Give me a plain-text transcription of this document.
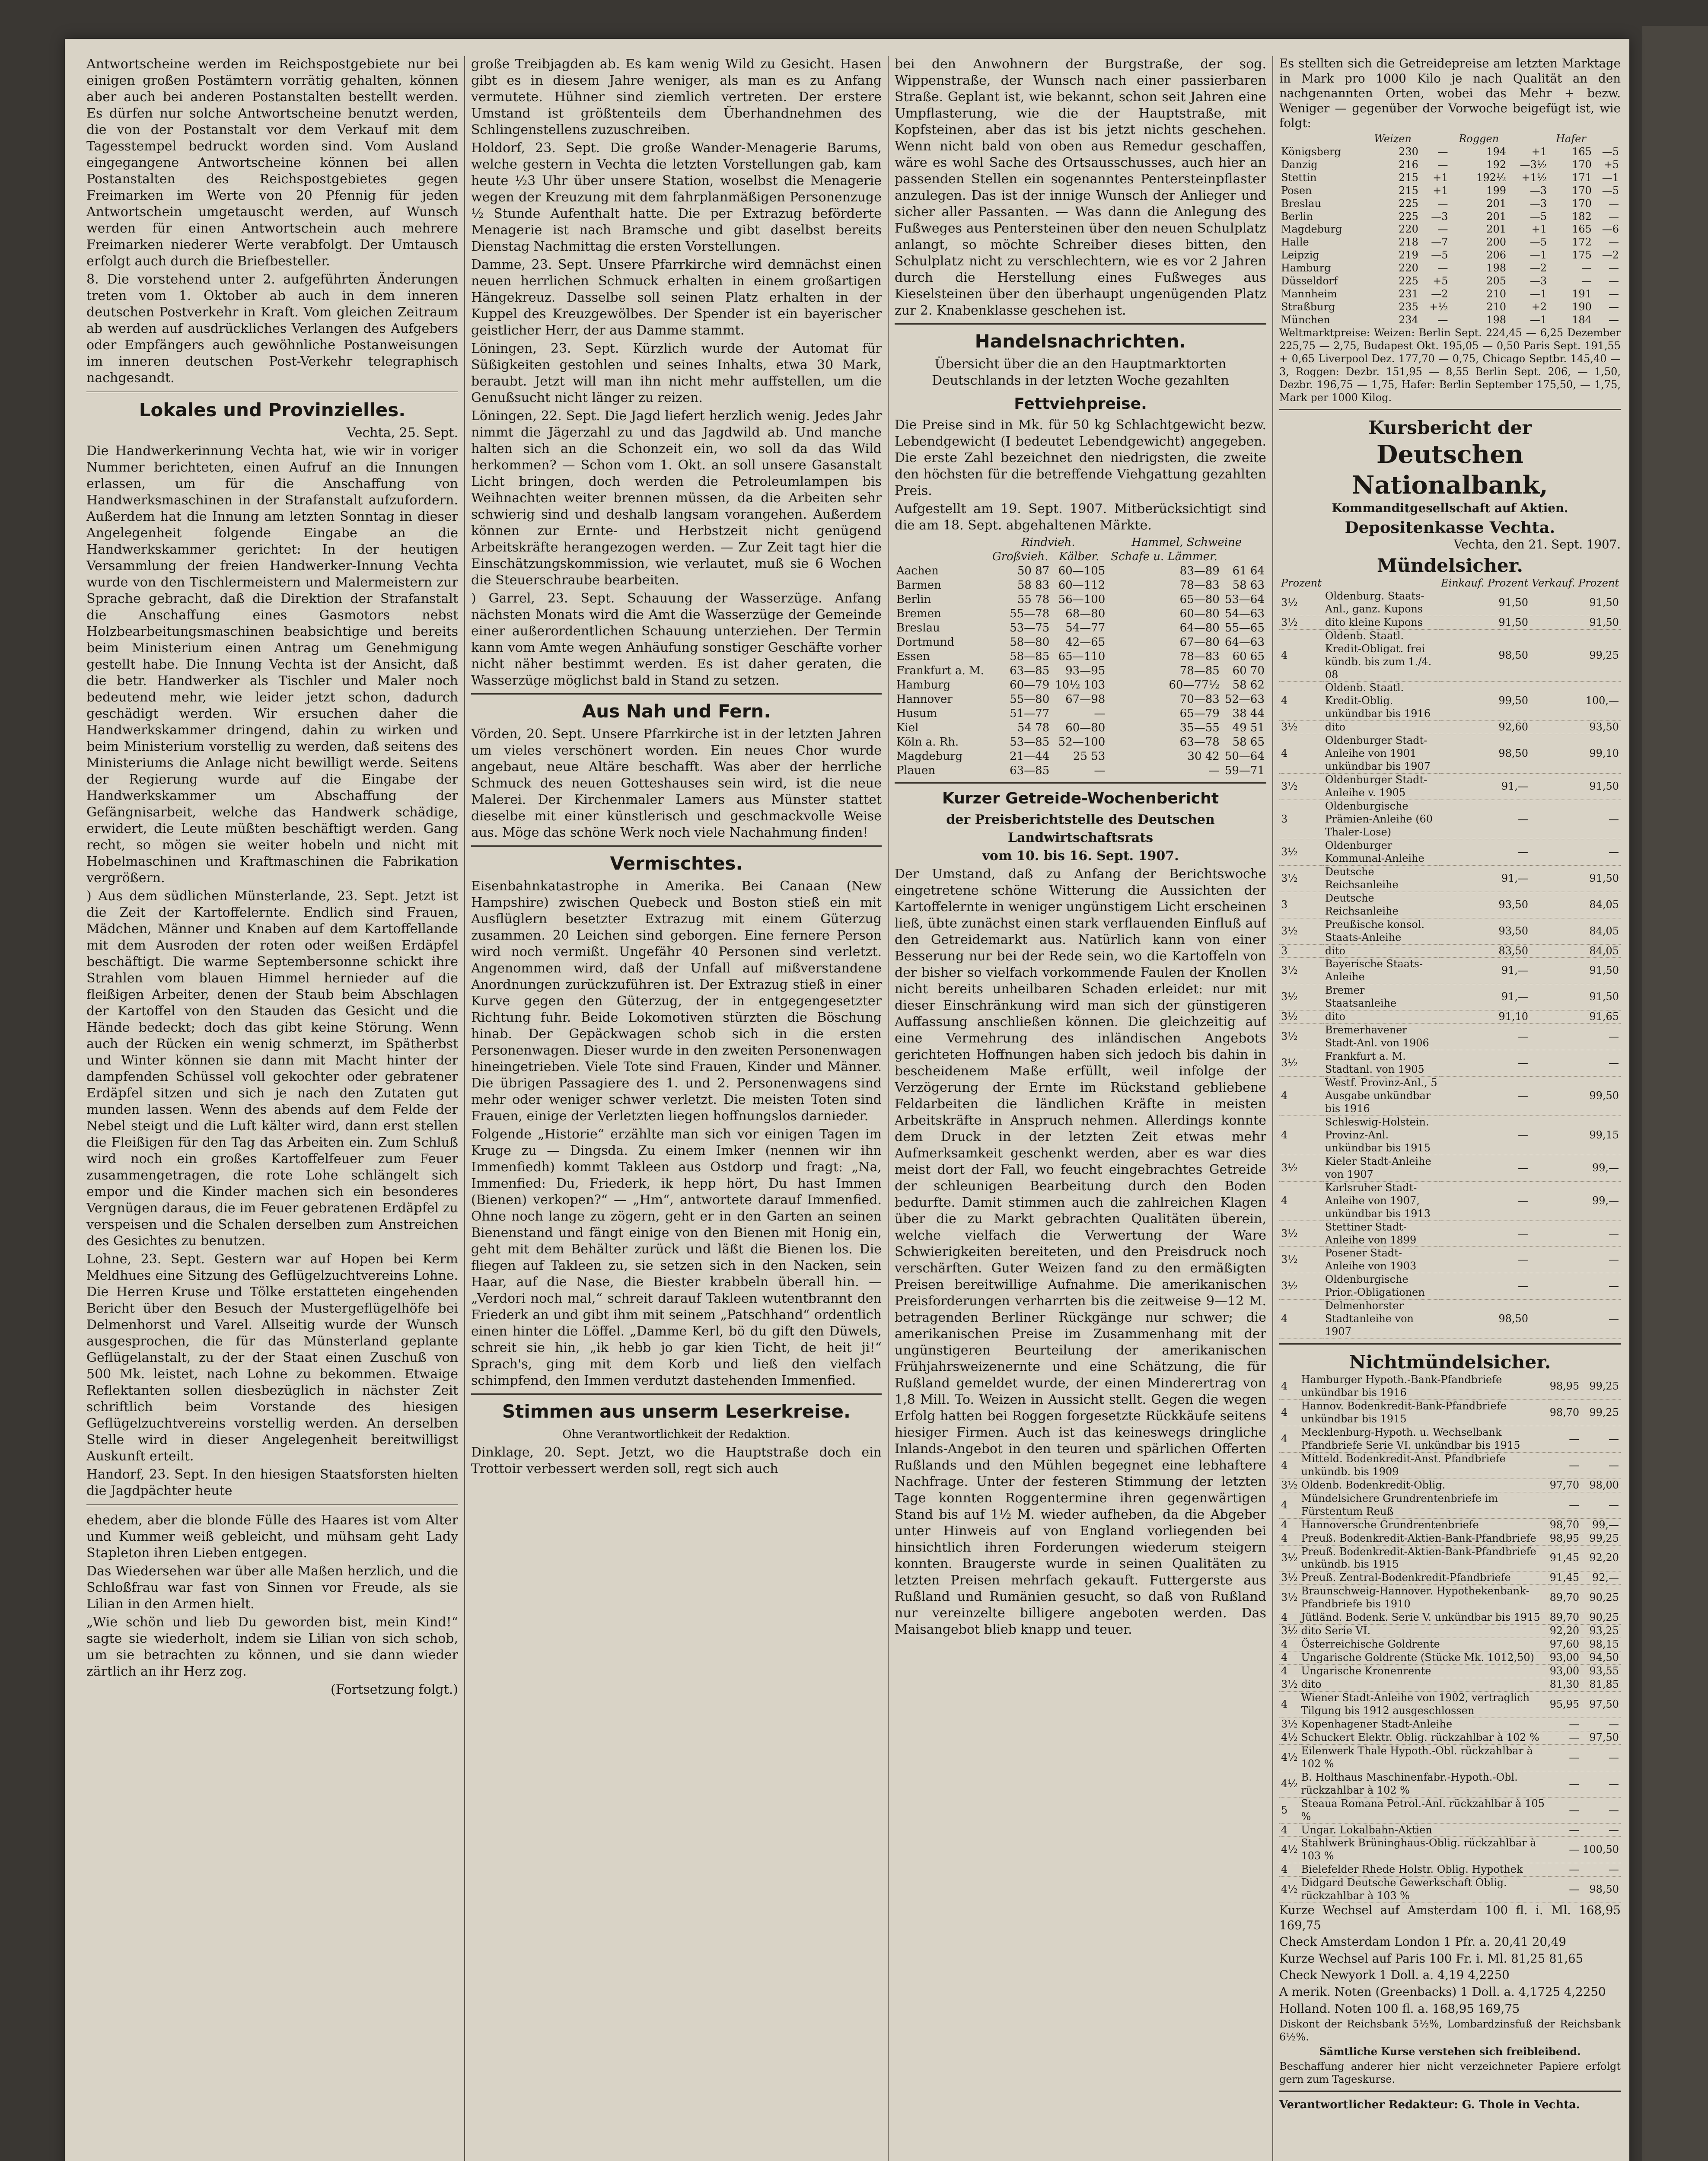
Antwortscheine werden im Reichspostgebiete nur bei einigen großen Postämtern vorrätig gehalten, können aber auch bei anderen Postanstalten bestellt werden. Es dürfen nur solche Antwortscheine benutzt werden, die von der Postanstalt vor dem Verkauf mit dem Tagesstempel bedruckt worden sind. Vom Ausland eingegangene Antwortscheine können bei allen Postanstalten des Reichspostgebietes gegen Freimarken im Werte von 20 Pfennig für jeden Antwortschein umgetauscht werden, auf Wunsch werden für einen Antwortschein auch mehrere Freimarken niederer Werte verabfolgt. Der Umtausch erfolgt auch durch die Briefbesteller.

8. Die vorstehend unter 2. aufgeführten Änderungen treten vom 1. Oktober ab auch in dem inneren deutschen Postverkehr in Kraft. Vom gleichen Zeitraum ab werden auf ausdrückliches Verlangen des Aufgebers oder Empfängers auch gewöhnliche Postanweisungen im inneren deutschen Post-Verkehr telegraphisch nachgesandt.

Lokales und Provinzielles.

Vechta, 25. Sept.

Die Handwerkerinnung Vechta hat, wie wir in voriger Nummer berichteten, einen Aufruf an die Innungen erlassen, um für die Anschaffung von Handwerksmaschinen in der Strafanstalt aufzufordern. Außerdem hat die Innung am letzten Sonntag in dieser Angelegenheit folgende Eingabe an die Handwerkskammer gerichtet: In der heutigen Versammlung der freien Handwerker-Innung Vechta wurde von den Tischlermeistern und Malermeistern zur Sprache gebracht, daß die Direktion der Strafanstalt die Anschaffung eines Gasmotors nebst Holzbearbeitungsmaschinen beabsichtige und bereits beim Ministerium einen Antrag um Genehmigung gestellt habe. Die Innung Vechta ist der Ansicht, daß die betr. Handwerker als Tischler und Maler noch bedeutend mehr, wie leider jetzt schon, dadurch geschädigt werden. Wir ersuchen daher die Handwerkskammer dringend, dahin zu wirken und beim Ministerium vorstellig zu werden, daß seitens des Ministeriums die Anlage nicht bewilligt werde. Seitens der Regierung wurde auf die Eingabe der Handwerkskammer um Abschaffung der Gefängnisarbeit, welche das Handwerk schädige, erwidert, die Leute müßten beschäftigt werden. Gang recht, so mögen sie weiter hobeln und nicht mit Hobelmaschinen und Kraftmaschinen die Fabrikation vergrößern.

) Aus dem südlichen Münsterlande, 23. Sept. Jetzt ist die Zeit der Kartoffelernte. Endlich sind Frauen, Mädchen, Männer und Knaben auf dem Kartoffellande mit dem Ausroden der roten oder weißen Erdäpfel beschäftigt. Die warme Septembersonne schickt ihre Strahlen vom blauen Himmel hernieder auf die fleißigen Arbeiter, denen der Staub beim Abschlagen der Kartoffel von den Stauden das Gesicht und die Hände bedeckt; doch das gibt keine Störung. Wenn auch der Rücken ein wenig schmerzt, im Spätherbst und Winter können sie dann mit Macht hinter der dampfenden Schüssel voll gekochter oder gebratener Erdäpfel sitzen und sich je nach den Zutaten gut munden lassen. Wenn des abends auf dem Felde der Nebel steigt und die Luft kälter wird, dann erst stellen die Fleißigen für den Tag das Arbeiten ein. Zum Schluß wird noch ein großes Kartoffelfeuer zum Feuer zusammengetragen, die rote Lohe schlängelt sich empor und die Kinder machen sich ein besonderes Vergnügen daraus, die im Feuer gebratenen Erdäpfel zu verspeisen und die Schalen derselben zum Anstreichen des Gesichtes zu benutzen.

Lohne, 23. Sept. Gestern war auf Hopen bei Kerm Meldhues eine Sitzung des Geflügelzuchtvereins Lohne. Die Herren Kruse und Tölke erstatteten eingehenden Bericht über den Besuch der Mustergeflügelhöfe bei Delmenhorst und Varel. Allseitig wurde der Wunsch ausgesprochen, die für das Münsterland geplante Geflügelanstalt, zu der der Staat einen Zuschuß von 500 Mk. leistet, nach Lohne zu bekommen. Etwaige Reflektanten sollen diesbezüglich in nächster Zeit schriftlich beim Vorstande des hiesigen Geflügelzuchtvereins vorstellig werden. An derselben Stelle wird in dieser Angelegenheit bereitwilligst Auskunft erteilt.

Handorf, 23. Sept. In den hiesigen Staatsforsten hielten die Jagdpächter heute

ehedem, aber die blonde Fülle des Haares ist vom Alter und Kummer weiß gebleicht, und mühsam geht Lady Stapleton ihren Lieben entgegen.

Das Wiedersehen war über alle Maßen herzlich, und die Schloßfrau war fast von Sinnen vor Freude, als sie Lilian in den Armen hielt.

„Wie schön und lieb Du geworden bist, mein Kind!“ sagte sie wiederholt, indem sie Lilian von sich schob, um sie betrachten zu können, und sie dann wieder zärtlich an ihr Herz zog.

(Fortsetzung folgt.)

große Treibjagden ab. Es kam wenig Wild zu Gesicht. Hasen gibt es in diesem Jahre weniger, als man es zu Anfang vermutete. Hühner sind ziemlich vertreten. Der erstere Umstand ist größtenteils dem Überhandnehmen des Schlingenstellens zuzuschreiben.

Holdorf, 23. Sept. Die große Wander-Menagerie Barums, welche gestern in Vechta die letzten Vorstellungen gab, kam heute ½3 Uhr über unsere Station, woselbst die Menagerie wegen der Kreuzung mit dem fahrplanmäßigen Personenzuge ½ Stunde Aufenthalt hatte. Die per Extrazug beförderte Menagerie ist nach Bramsche und gibt daselbst bereits Dienstag Nachmittag die ersten Vorstellungen.

Damme, 23. Sept. Unsere Pfarrkirche wird demnächst einen neuen herrlichen Schmuck erhalten in einem großartigen Hängekreuz. Dasselbe soll seinen Platz erhalten in der Kuppel des Kreuzgewölbes. Der Spender ist ein bayerischer geistlicher Herr, der aus Damme stammt.

Löningen, 23. Sept. Kürzlich wurde der Automat für Süßigkeiten gestohlen und seines Inhalts, etwa 30 Mark, beraubt. Jetzt will man ihn nicht mehr auffstellen, um die Genußsucht nicht länger zu reizen.

Löningen, 22. Sept. Die Jagd liefert herzlich wenig. Jedes Jahr nimmt die Jägerzahl zu und das Jagdwild ab. Und manche halten sich an die Schonzeit ein, wo soll da das Wild herkommen? — Schon vom 1. Okt. an soll unsere Gasanstalt Licht bringen, doch werden die Petroleumlampen bis Weihnachten weiter brennen müssen, da die Arbeiten sehr schwierig sind und deshalb langsam vorangehen. Außerdem können zur Ernte- und Herbstzeit nicht genügend Arbeitskräfte herangezogen werden. — Zur Zeit tagt hier die Einschätzungskommission, wie verlautet, muß sie 6 Wochen die Steuerschraube bearbeiten.

) Garrel, 23. Sept. Schauung der Wasserzüge. Anfang nächsten Monats wird die Amt die Wasserzüge der Gemeinde einer außerordentlichen Schauung unterziehen. Der Termin kann vom Amte wegen Anhäufung sonstiger Geschäfte vorher nicht näher bestimmt werden. Es ist daher geraten, die Wasserzüge möglichst bald in Stand zu setzen.

Aus Nah und Fern.

Vörden, 20. Sept. Unsere Pfarrkirche ist in der letzten Jahren um vieles verschönert worden. Ein neues Chor wurde angebaut, neue Altäre beschafft. Was aber der herrliche Schmuck des neuen Gotteshauses sein wird, ist die neue Malerei. Der Kirchenmaler Lamers aus Münster stattet dieselbe mit einer künstlerisch und geschmackvolle Weise aus. Möge das schöne Werk noch viele Nachahmung finden!

Vermischtes.

Eisenbahnkatastrophe in Amerika. Bei Canaan (New Hampshire) zwischen Quebeck und Boston stieß ein mit Ausflüglern besetzter Extrazug mit einem Güterzug zusammen. 20 Leichen sind geborgen. Eine fernere Person wird noch vermißt. Ungefähr 40 Personen sind verletzt. Angenommen wird, daß der Unfall auf mißverstandene Anordnungen zurückzuführen ist. Der Extrazug stieß in einer Kurve gegen den Güterzug, der in entgegengesetzter Richtung fuhr. Beide Lokomotiven stürzten die Böschung hinab. Der Gepäckwagen schob sich in die ersten Personenwagen. Dieser wurde in den zweiten Personenwagen hineingetrieben. Viele Tote sind Frauen, Kinder und Männer. Die übrigen Passagiere des 1. und 2. Personenwagens sind mehr oder weniger schwer verletzt. Die meisten Toten sind Frauen, einige der Verletzten liegen hoffnungslos darnieder.

Folgende „Historie“ erzählte man sich vor einigen Tagen im Kruge zu — Dingsda. Zu einem Imker (nennen wir ihn Immenfiedh) kommt Takleen aus Ostdorp und fragt: „Na, Immenfied: Du, Friederk, ik hepp hört, Du hast Immen (Bienen) verkopen?“ — „Hm“, antwortete darauf Immenfied. Ohne noch lange zu zögern, geht er in den Garten an seinen Bienenstand und fängt einige von den Bienen mit Honig ein, geht mit dem Behälter zurück und läßt die Bienen los. Die fliegen auf Takleen zu, sie setzen sich in den Nacken, sein Haar, auf die Nase, die Biester krabbeln überall hin. — „Verdori noch mal,“ schreit darauf Takleen wutentbrannt den Friederk an und gibt ihm mit seinem „Patschhand“ ordentlich einen hinter die Löffel. „Damme Kerl, bö du gift den Düwels, schreit sie hin, „ik hebb jo gar kien Ticht, de heit ji!“ Sprach's, ging mit dem Korb und ließ den vielfach schimpfend, den Immen verdutzt dastehenden Immenfied.

Stimmen aus unserm Leserkreise.

Ohne Verantwortlichkeit der Redaktion.

Dinklage, 20. Sept. Jetzt, wo die Hauptstraße doch ein Trottoir verbessert werden soll, regt sich auch

bei den Anwohnern der Burgstraße, der sog. Wippenstraße, der Wunsch nach einer passierbaren Straße. Geplant ist, wie bekannt, schon seit Jahren eine Umpflasterung, wie die der Hauptstraße, mit Kopfsteinen, aber das ist bis jetzt nichts geschehen. Wenn nicht bald von oben aus Remedur geschaffen, wäre es wohl Sache des Ortsausschusses, auch hier an passenden Stellen ein sogenanntes Pentersteinpflaster anzulegen. Das ist der innige Wunsch der Anlieger und sicher aller Passanten. — Was dann die Anlegung des Fußweges aus Pentersteinen über den neuen Schulplatz anlangt, so möchte Schreiber dieses bitten, den Schulplatz nicht zu verschlechtern, wie es vor 2 Jahren durch die Herstellung eines Fußweges aus Kieselsteinen über den überhaupt ungenügenden Platz zur 2. Knabenklasse geschehen ist.

Handelsnachrichten.

Übersicht über die an den Hauptmarktorten Deutschlands in der letzten Woche gezahlten

Fettviehpreise.

Die Preise sind in Mk. für 50 kg Schlachtgewicht bezw. Lebendgewicht (I bedeutet Lebendgewicht) angegeben. Die erste Zahl bezeichnet den niedrigsten, die zweite den höchsten für die betreffende Viehgattung gezahlten Preis.

Aufgestellt am 19. Sept. 1907. Mitberücksichtigt sind die am 18. Sept. abgehaltenen Märkte.

	Rindvieh.		Hammel, Schweine	
	Großvieh.	Kälber.	Schafe u. Lämmer.	
Aachen	50 87	60—105	83—89	61 64
Barmen	58 83	60—112	78—83	58 63
Berlin	55 78	56—100	65—80	53—64
Bremen	55—78	68—80	60—80	54—63
Breslau	53—75	54—77	64—80	55—65
Dortmund	58—80	42—65	67—80	64—63
Essen	58—85	65—110	78—83	60 65
Frankfurt a. M.	63—85	93—95	78—85	60 70
Hamburg	60—79	10½ 103	60—77½	58 62
Hannover	55—80	67—98	70—83	52—63
Husum	51—77	—	65—79	38 44
Kiel	54 78	60—80	35—55	49 51
Köln a. Rh.	53—85	52—100	63—78	58 65
Magdeburg	21—44	25 53	30 42	50—64
Plauen	63—85	—	—	59—71
Kurzer Getreide-Wochenbericht

der Preisberichtstelle des Deutschen

Landwirtschaftsrats

vom 10. bis 16. Sept. 1907.

Der Umstand, daß zu Anfang der Berichtswoche eingetretene schöne Witterung die Aussichten der Kartoffelernte in weniger ungünstigem Licht erscheinen ließ, übte zunächst einen stark verflauenden Einfluß auf den Getreidemarkt aus. Natürlich kann von einer Besserung nur bei der Rede sein, wo die Kartoffeln von der bisher so vielfach vorkommende Faulen der Knollen nicht bereits unheilbaren Schaden erleidet: nur mit dieser Einschränkung wird man sich der günstigeren Auffassung anschließen können. Die gleichzeitig auf eine Vermehrung des inländischen Angebots gerichteten Hoffnungen haben sich jedoch bis dahin in bescheidenem Maße erfüllt, weil infolge der Verzögerung der Ernte im Rückstand gebliebene Feldarbeiten die ländlichen Kräfte in meisten Arbeitskräfte in Anspruch nehmen. Allerdings konnte dem Druck in der letzten Zeit etwas mehr Aufmerksamkeit geschenkt werden, aber es war dies meist dort der Fall, wo feucht eingebrachtes Getreide der schleunigen Bearbeitung durch den Boden bedurfte. Damit stimmen auch die zahlreichen Klagen über die zu Markt gebrachten Qualitäten überein, welche vielfach die Verwertung der Ware Schwierigkeiten bereiteten, und den Preisdruck noch verschärften. Guter Weizen fand zu den ermäßigten Preisen bereitwillige Aufnahme. Die amerikanischen Preisforderungen verharrten bis die zeitweise 9—12 M. betragenden Berliner Rückgänge nur schwer; die amerikanischen Preise im Zusammenhang mit der ungünstigeren Beurteilung der amerikanischen Frühjahrsweizenernte und eine Schätzung, die für Rußland gemeldet wurde, der einen Minderertrag von 1,8 Mill. To. Weizen in Aussicht stellt. Gegen die wegen Erfolg hatten bei Roggen forgesetzte Rückkäufe seitens hiesiger Firmen. Auch ist das keineswegs dringliche Inlands-Angebot in den teuren und spärlichen Offerten Rußlands und den Mühlen begegnet eine lebhaftere Nachfrage. Unter der festeren Stimmung der letzten Tage konnten Roggentermine ihren gegenwärtigen Stand bis auf 1½ M. wieder aufheben, da die Abgeber unter Hinweis auf von England vorliegenden bei hinsichtlich ihren Forderungen wiederum steigern konnten. Braugerste wurde in seinen Qualitäten zu letzten Preisen mehrfach gekauft. Futtergerste aus Rußland und Rumänien gesucht, so daß von Rußland nur vereinzelte billigere angeboten werden. Das Maisangebot blieb knapp und teuer.

Es stellten sich die Getreidepreise am letzten Marktage in Mark pro 1000 Kilo je nach Qualität an den nachgenannten Orten, wobei das Mehr + bezw. Weniger — gegenüber der Vorwoche beigefügt ist, wie folgt:

	Weizen		Roggen		Hafer	
Königsberg	230	—	194	+1	165	—5
Danzig	216	—	192	—3½	170	+5
Stettin	215	+1	192½	+1½	171	—1
Posen	215	+1	199	—3	170	—5
Breslau	225	—	201	—3	170	—
Berlin	225	—3	201	—5	182	—
Magdeburg	220	—	201	+1	165	—6
Halle	218	—7	200	—5	172	—
Leipzig	219	—5	206	—1	175	—2
Hamburg	220	—	198	—2	—	—
Düsseldorf	225	+5	205	—3	—	—
Mannheim	231	—2	210	—1	191	—
Straßburg	235	+½	210	+2	190	—
München	234	—	198	—1	184	—

Weltmarktpreise: Weizen: Berlin Sept. 224,45 — 6,25 Dezember 225,75 — 2,75, Budapest Okt. 195,05 — 0,50 Paris Sept. 191,55 + 0,65 Liverpool Dez. 177,70 — 0,75, Chicago Septbr. 145,40 — 3, Roggen: Dezbr. 151,95 — 8,55 Berlin Sept. 206, — 1,50, Dezbr. 196,75 — 1,75, Hafer: Berlin September 175,50, — 1,75, Mark per 1000 Kilog.

Kursbericht der
Deutschen Nationalbank,

Kommanditgesellschaft auf Aktien.

Depositenkasse Vechta.

Vechta, den 21. Sept. 1907.

Mündelsicher.
Prozent		Einkauf. Prozent	Verkauf. Prozent
3½	Oldenburg. Staats-Anl., ganz. Kupons	91,50	91,50
3½	dito kleine Kupons	91,50	91,50
4	Oldenb. Staatl. Kredit-Obligat. frei kündb. bis zum 1./4. 08	98,50	99,25
4	Oldenb. Staatl. Kredit-Oblig. unkündbar bis 1916	99,50	100,—
3½	dito	92,60	93,50
4	Oldenburger Stadt-Anleihe von 1901 unkündbar bis 1907	98,50	99,10
3½	Oldenburger Stadt-Anleihe v. 1905	91,—	91,50
3	Oldenburgische Prämien-Anleihe (60 Thaler-Lose)	—	—
3½	Oldenburger Kommunal-Anleihe	—	—
3½	Deutsche Reichsanleihe	91,—	91,50
3	Deutsche Reichsanleihe	93,50	84,05
3½	Preußische konsol. Staats-Anleihe	93,50	84,05
3	dito	83,50	84,05
3½	Bayerische Staats-Anleihe	91,—	91,50
3½	Bremer Staatsanleihe	91,—	91,50
3½	dito	91,10	91,65
3½	Bremerhavener Stadt-Anl. von 1906	—	—
3½	Frankfurt a. M. Stadtanl. von 1905	—	—
4	Westf. Provinz-Anl., 5 Ausgabe unkündbar bis 1916	—	99,50
4	Schleswig-Holstein. Provinz-Anl. unkündbar bis 1915	—	99,15
3½	Kieler Stadt-Anleihe von 1907	—	99,—
4	Karlsruher Stadt-Anleihe von 1907, unkündbar bis 1913	—	99,—
3½	Stettiner Stadt-Anleihe von 1899	—	—
3½	Posener Stadt-Anleihe von 1903	—	—
3½	Oldenburgische Prior.-Obligationen	—	—
4	Delmenhorster Stadtanleihe von 1907	98,50	—
Nichtmündelsicher.
4	Hamburger Hypoth.-Bank-Pfandbriefe unkündbar bis 1916	98,95	99,25
4	Hannov. Bodenkredit-Bank-Pfandbriefe unkündbar bis 1915	98,70	99,25
4	Mecklenburg-Hypoth. u. Wechselbank Pfandbriefe Serie VI. unkündbar bis 1915	—	—
4	Mitteld. Bodenkredit-Anst. Pfandbriefe unkündb. bis 1909	—	—
3½	Oldenb. Bodenkredit-Oblig.	97,70	98,00
4	Mündelsichere Grundrentenbriefe im Fürstentum Reuß	—	—
4	Hannoversche Grundrentenbriefe	98,70	99,—
4	Preuß. Bodenkredit-Aktien-Bank-Pfandbriefe	98,95	99,25
3½	Preuß. Bodenkredit-Aktien-Bank-Pfandbriefe unkündb. bis 1915	91,45	92,20
3½	Preuß. Zentral-Bodenkredit-Pfandbriefe	91,45	92,—
3½	Braunschweig-Hannover. Hypothekenbank-Pfandbriefe bis 1910	89,70	90,25
4	Jütländ. Bodenk. Serie V. unkündbar bis 1915	89,70	90,25
3½	dito Serie VI.	92,20	93,25
4	Österreichische Goldrente	97,60	98,15
4	Ungarische Goldrente (Stücke Mk. 1012,50)	93,00	94,50
4	Ungarische Kronenrente	93,00	93,55
3½	dito	81,30	81,85
4	Wiener Stadt-Anleihe von 1902, vertraglich Tilgung bis 1912 ausgeschlossen	95,95	97,50
3½	Kopenhagener Stadt-Anleihe	—	—
4½	Schuckert Elektr. Oblig. rückzahlbar à 102 %	—	97,50
4½	Eilenwerk Thale Hypoth.-Obl. rückzahlbar à 102 %	—	—
4½	B. Holthaus Maschinenfabr.-Hypoth.-Obl. rückzahlbar à 102 %	—	—
5	Steaua Romana Petrol.-Anl. rückzahlbar à 105 %	—	—
4	Ungar. Lokalbahn-Aktien	—	—
4½	Stahlwerk Brüninghaus-Oblig. rückzahlbar à 103 %	—	100,50
4	Bielefelder Rhede Holstr. Oblig. Hypothek	—	—
4½	Didgard Deutsche Gewerkschaft Oblig. rückzahlbar à 103 %	—	98,50

Kurze Wechsel auf Amsterdam 100 fl. i. Ml. 168,95 169,75

Check Amsterdam London 1 Pfr. a. 20,41 20,49

Kurze Wechsel auf Paris 100 Fr. i. Ml. 81,25 81,65

Check Newyork 1 Doll. a. 4,19 4,2250

A merik. Noten (Greenbacks) 1 Doll. a. 4,1725 4,2250

Holland. Noten 100 fl. a. 168,95 169,75

Diskont der Reichsbank 5½%, Lombardzinsfuß der Reichsbank 6½%.

Sämtliche Kurse verstehen sich freibleibend.

Beschaffung anderer hier nicht verzeichneter Papiere erfolgt gern zum Tageskurse.

Verantwortlicher Redakteur: G. Thole in Vechta.
